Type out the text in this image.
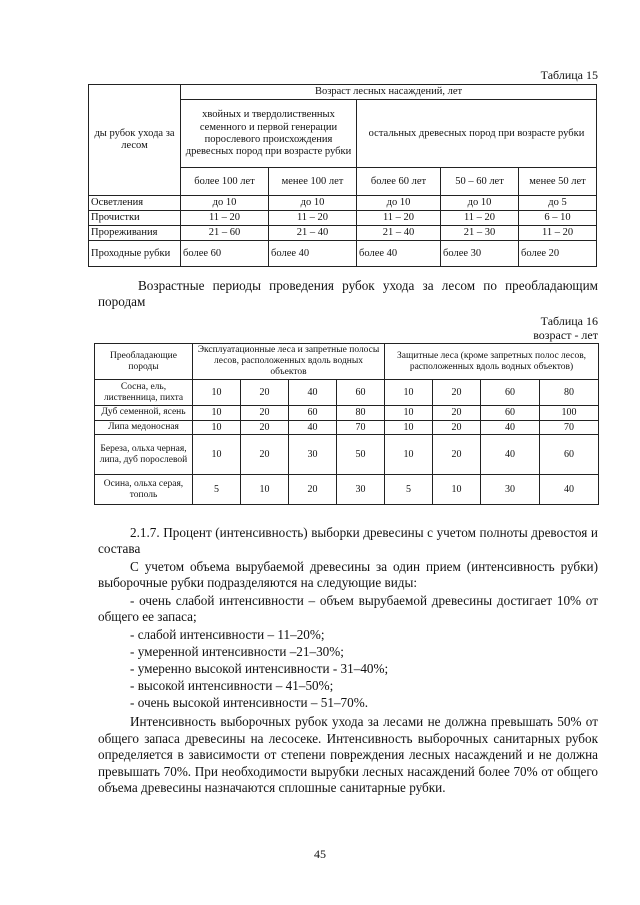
Таблица 15
ды рубок ухода за лесом	Возраст лесных насаждений, лет				
	хвойных и твердолиственных семенного и первой генерации порослевого происхождения древесных пород при возрасте рубки		остальных древесных пород при возрасте рубки		
	более 100 лет	менее 100 лет	более 60 лет	50 – 60 лет	менее 50 лет
Осветления	до 10	до 10	до 10	до 10	до 5
Прочистки	11 – 20	11 – 20	11 – 20	11 – 20	6 – 10
Прореживания	21 – 60	21 – 40	21 – 40	21 – 30	11 – 20
Проходные рубки	более 60	более 40	более 40	более 30	более 20
Возрастные периоды проведения рубок ухода за лесом по преобладающим породам
Таблица 16
возраст - лет
Преобладающие породы	Эксплуатационные леса и запретные полосы лесов, расположенных вдоль водных объектов				Защитные леса (кроме запретных полос лесов, расположенных вдоль водных объектов)			
Сосна, ель, лиственница, пихта	10	20	40	60	10	20	60	80
Дуб семенной, ясень	10	20	60	80	10	20	60	100
Липа медоносная	10	20	40	70	10	20	40	70
Береза, ольха черная, липа, дуб порослевой	10	20	30	50	10	20	40	60
Осина, ольха серая, тополь	5	10	20	30	5	10	30	40
2.1.7. Процент (интенсивность) выборки древесины с учетом полноты древостоя и состава
С учетом объема вырубаемой древесины за один прием (интенсивность рубки) выборочные рубки подразделяются на следующие виды:
- очень слабой интенсивности – объем вырубаемой древесины достигает 10% от общего ее запаса;
- слабой интенсивности – 11–20%;
- умеренной интенсивности –21–30%;
- умеренно высокой интенсивности - 31–40%;
- высокой интенсивности – 41–50%;
- очень высокой интенсивности – 51–70%.
Интенсивность выборочных рубок ухода за лесами не должна превышать 50% от общего запаса древесины на лесосеке. Интенсивность выборочных санитарных рубок определяется в зависимости от степени повреждения лесных насаждений и не должна превышать 70%. При необходимости вырубки лесных насаждений более 70% от общего объема древесины назначаются сплошные санитарные рубки.
45
